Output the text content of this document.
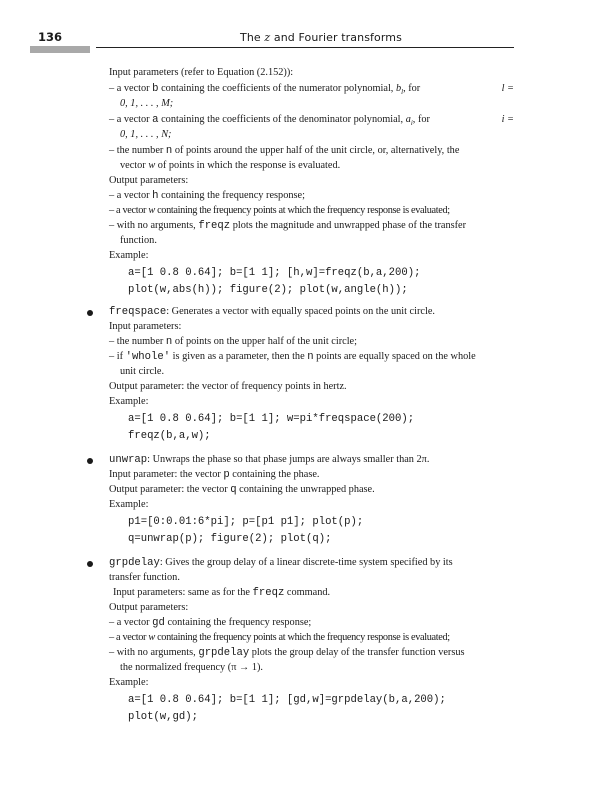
136	The z and Fourier transforms
Input parameters (refer to Equation (2.152)):
– a vector b containing the coefficients of the numerator polynomial, $b_l$, for	l =
0, 1, . . . , M;
– a vector a containing the coefficients of the denominator polynomial, $a_i$, for	i =
0, 1, . . . , N;
– the number n of points around the upper half of the unit circle, or, alternatively, the
vector w of points in which the response is evaluated.
Output parameters:
– a vector h containing the frequency response;
– a vector w containing the frequency points at which the frequency response is evaluated;
– with no arguments, freqz plots the magnitude and unwrapped phase of the transfer
function.
Example:
a=[1 0.8 0.64]; b=[1 1]; [h,w]=freqz(b,a,200);
plot(w,abs(h)); figure(2); plot(w,angle(h));
freqspace: Generates a vector with equally spaced points on the unit circle.
Input parameters:
– the number n of points on the upper half of the unit circle;
– if 'whole' is given as a parameter, then the n points are equally spaced on the whole
unit circle.
Output parameter: the vector of frequency points in hertz.
Example:
a=[1 0.8 0.64]; b=[1 1]; w=pi*freqspace(200);
freqz(b,a,w);
unwrap: Unwraps the phase so that phase jumps are always smaller than 2π.
Input parameter: the vector p containing the phase.
Output parameter: the vector q containing the unwrapped phase.
Example:
p1=[0:0.01:6*pi]; p=[p1 p1]; plot(p);
q=unwrap(p); figure(2); plot(q);
grpdelay: Gives the group delay of a linear discrete-time system specified by its
transfer function.
Input parameters: same as for the freqz command.
Output parameters:
– a vector gd containing the frequency response;
– a vector w containing the frequency points at which the frequency response is evaluated;
– with no arguments, grpdelay plots the group delay of the transfer function versus
the normalized frequency (π → 1).
Example:
a=[1 0.8 0.64]; b=[1 1]; [gd,w]=grpdelay(b,a,200);
plot(w,gd);
